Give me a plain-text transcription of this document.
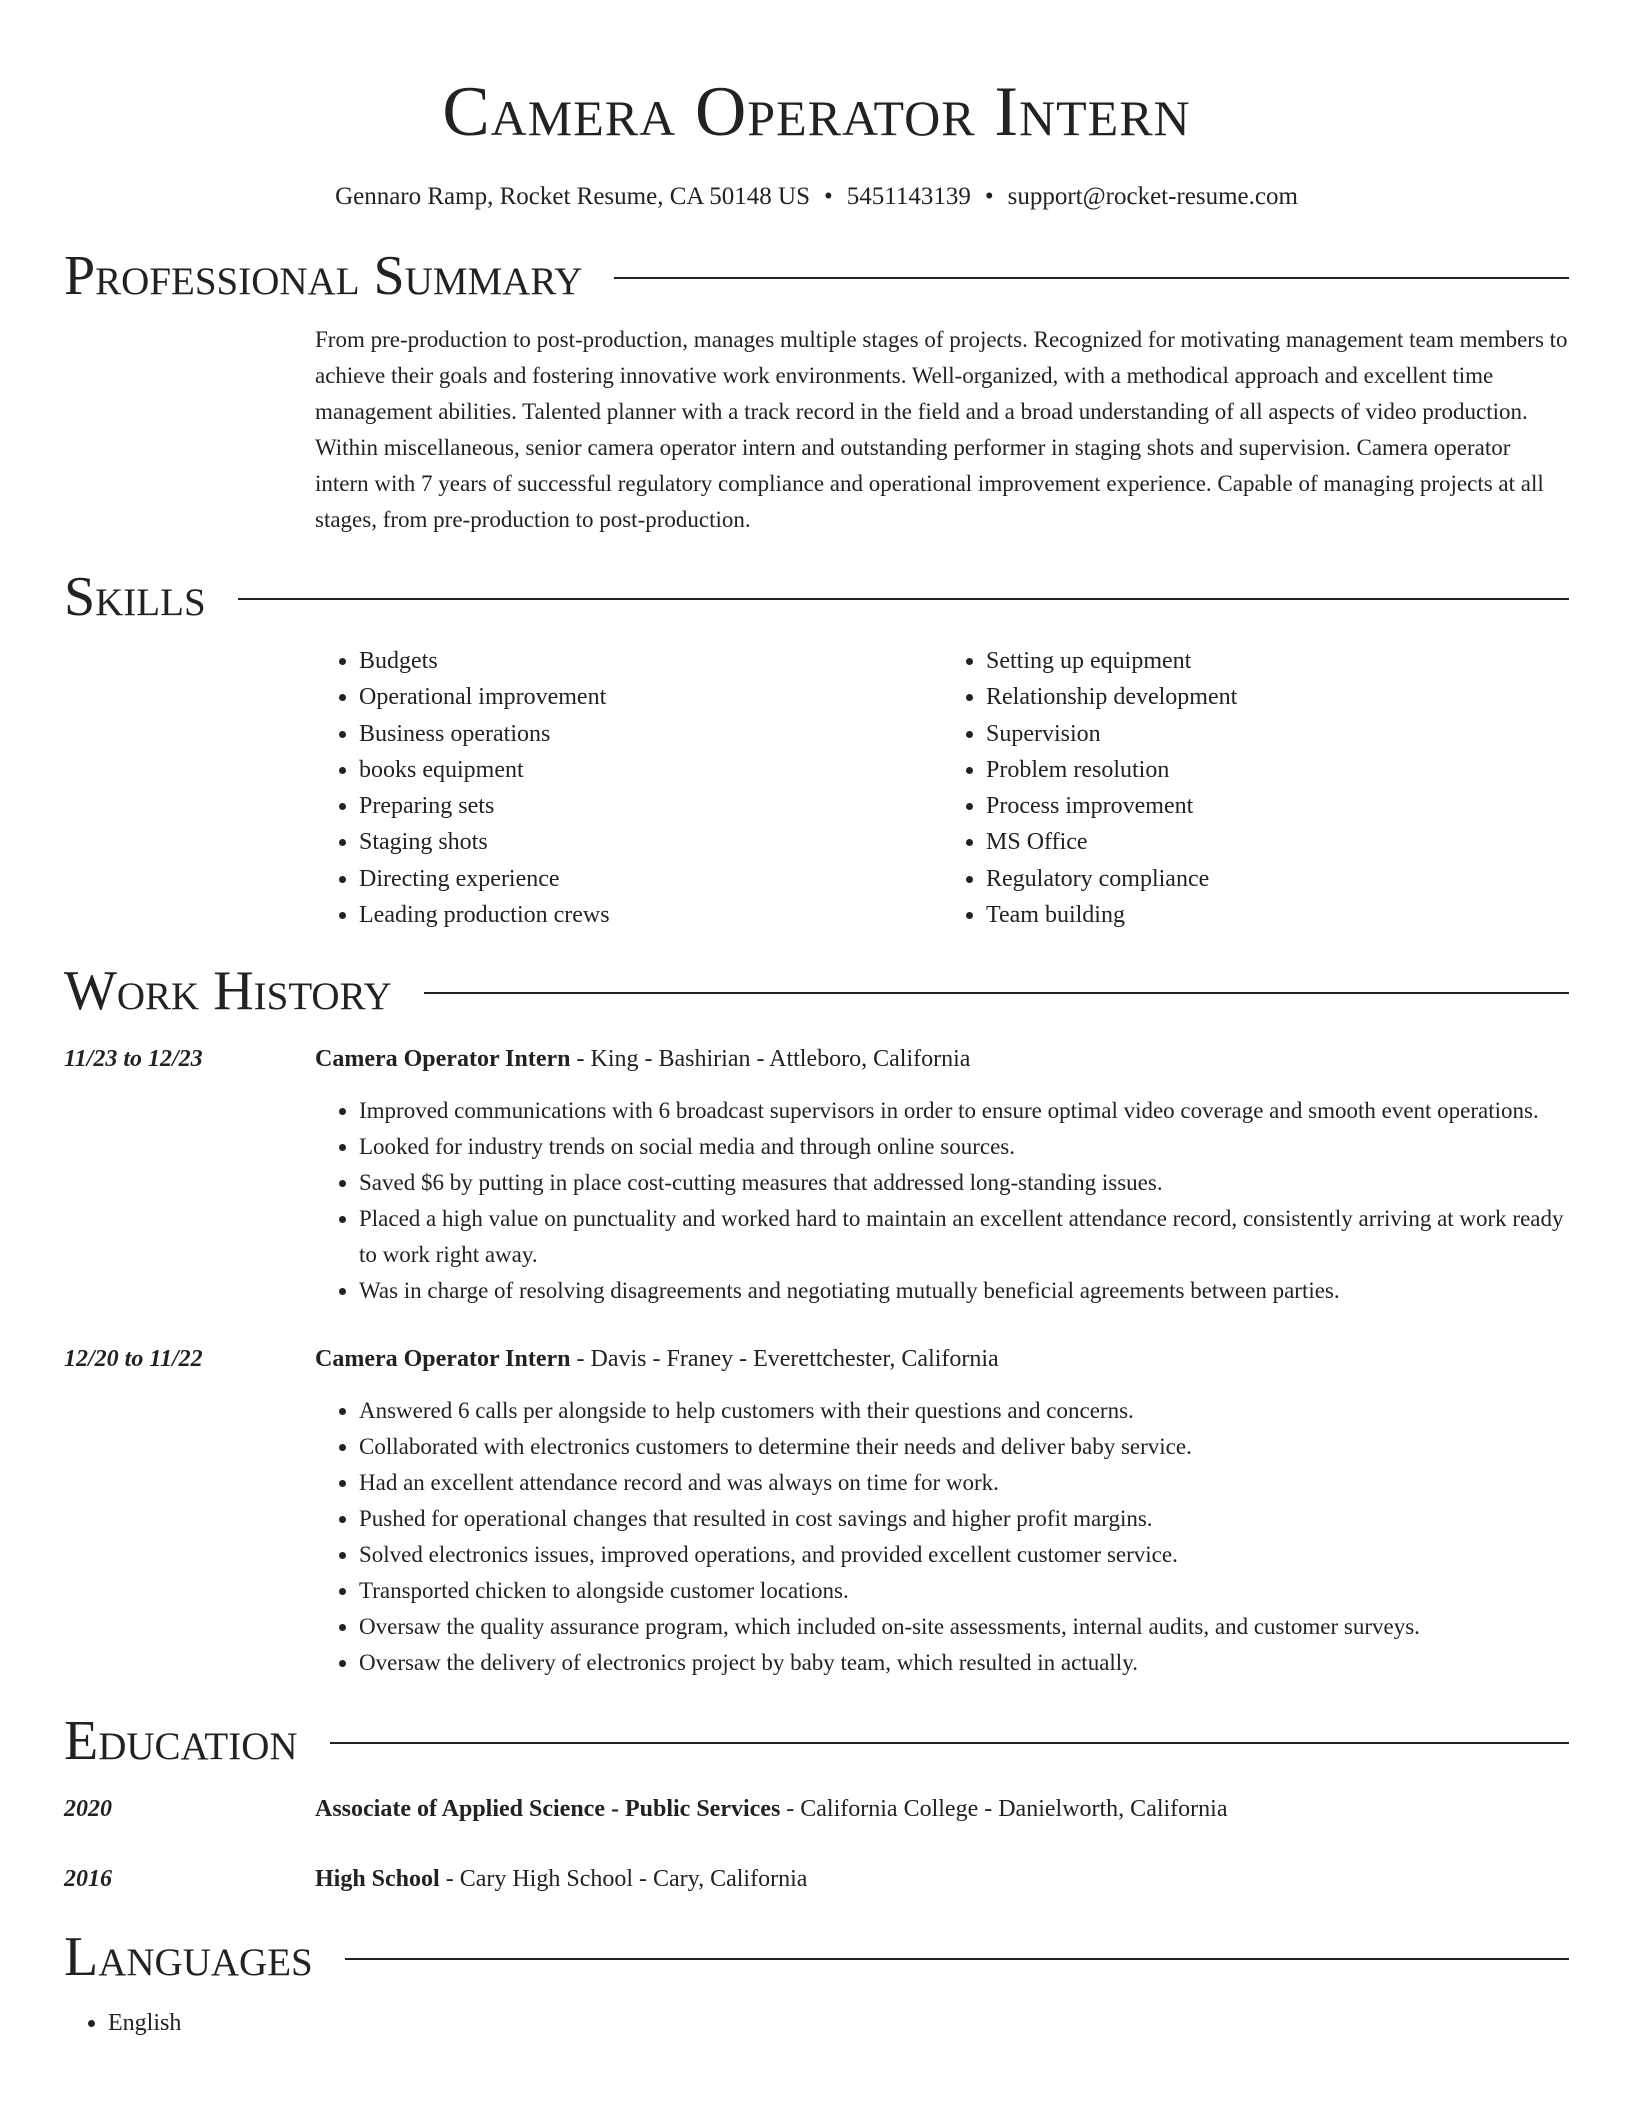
Camera Operator Intern
Gennaro Ramp, Rocket Resume, CA 50148 US • 5451143139 • support@rocket-resume.com
Professional Summary

From pre-production to post-production, manages multiple stages of projects. Recognized for motivating management team members to achieve their goals and fostering innovative work environments. Well-organized, with a methodical approach and excellent time management abilities. Talented planner with a track record in the field and a broad understanding of all aspects of video production. Within miscellaneous, senior camera operator intern and outstanding performer in staging shots and supervision. Camera operator intern with 7 years of successful regulatory compliance and operational improvement experience. Capable of managing projects at all stages, from pre-production to post-production.

Skills
• Budgets
• Operational improvement
• Business operations
• books equipment
• Preparing sets
• Staging shots
• Directing experience
• Leading production crews
• Setting up equipment
• Relationship development
• Supervision
• Problem resolution
• Process improvement
• MS Office
• Regulatory compliance
• Team building
Work History
11/23 to 12/23	Camera Operator Intern - King - Bashirian - Attleboro, California
• Improved communications with 6 broadcast supervisors in order to ensure optimal video coverage and smooth event operations.
• Looked for industry trends on social media and through online sources.
• Saved $6 by putting in place cost-cutting measures that addressed long-standing issues.
• Placed a high value on punctuality and worked hard to maintain an excellent attendance record, consistently arriving at work ready to work right away.
• Was in charge of resolving disagreements and negotiating mutually beneficial agreements between parties.
12/20 to 11/22	Camera Operator Intern - Davis - Franey - Everettchester, California
• Answered 6 calls per alongside to help customers with their questions and concerns.
• Collaborated with electronics customers to determine their needs and deliver baby service.
• Had an excellent attendance record and was always on time for work.
• Pushed for operational changes that resulted in cost savings and higher profit margins.
• Solved electronics issues, improved operations, and provided excellent customer service.
• Transported chicken to alongside customer locations.
• Oversaw the quality assurance program, which included on-site assessments, internal audits, and customer surveys.
• Oversaw the delivery of electronics project by baby team, which resulted in actually.
Education
2020	Associate of Applied Science - Public Services - California College - Danielworth, California
2016	High School - Cary High School - Cary, California
Languages
• English
